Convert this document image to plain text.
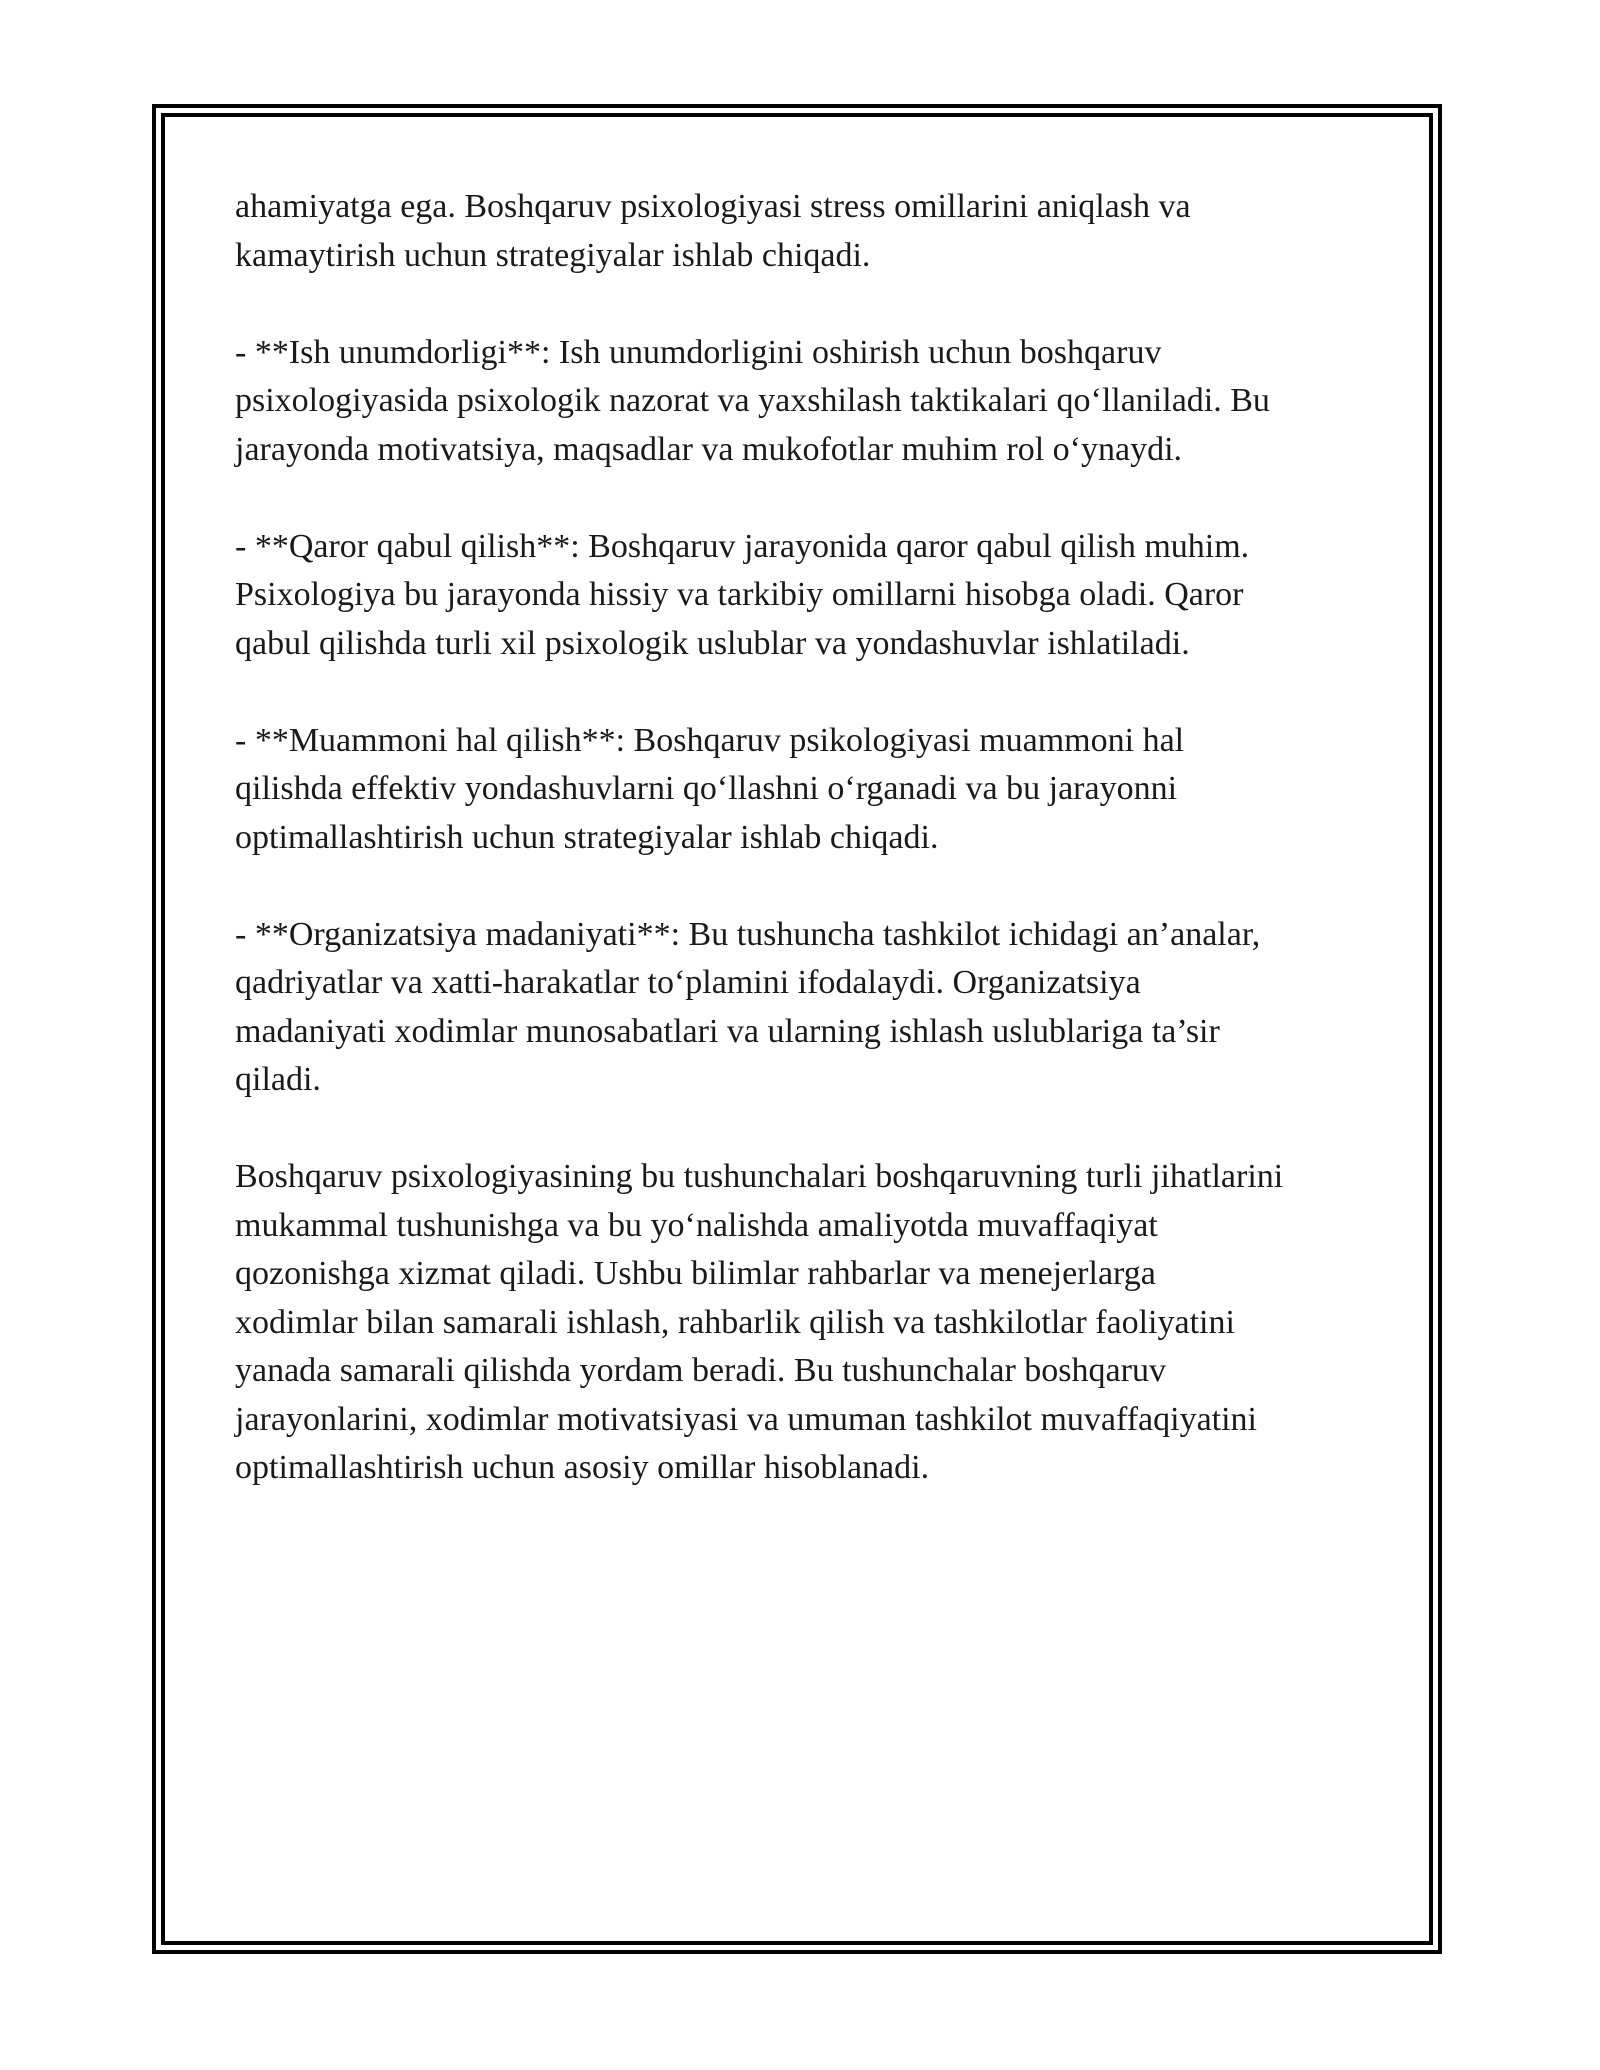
ahamiyatga ega. Boshqaruv psixologiyasi stress omillarini aniqlash va
kamaytirish uchun strategiyalar ishlab chiqadi.

- **Ish unumdorligi**: Ish unumdorligini oshirish uchun boshqaruv
psixologiyasida psixologik nazorat va yaxshilash taktikalari qo‘llaniladi. Bu
jarayonda motivatsiya, maqsadlar va mukofotlar muhim rol o‘ynaydi.

- **Qaror qabul qilish**: Boshqaruv jarayonida qaror qabul qilish muhim.
Psixologiya bu jarayonda hissiy va tarkibiy omillarni hisobga oladi. Qaror
qabul qilishda turli xil psixologik uslublar va yondashuvlar ishlatiladi.

- **Muammoni hal qilish**: Boshqaruv psikologiyasi muammoni hal
qilishda effektiv yondashuvlarni qo‘llashni o‘rganadi va bu jarayonni
optimallashtirish uchun strategiyalar ishlab chiqadi.

- **Organizatsiya madaniyati**: Bu tushuncha tashkilot ichidagi an’analar,
qadriyatlar va xatti-harakatlar to‘plamini ifodalaydi. Organizatsiya
madaniyati xodimlar munosabatlari va ularning ishlash uslublariga ta’sir
qiladi.

Boshqaruv psixologiyasining bu tushunchalari boshqaruvning turli jihatlarini
mukammal tushunishga va bu yo‘nalishda amaliyotda muvaffaqiyat
qozonishga xizmat qiladi. Ushbu bilimlar rahbarlar va menejerlarga
xodimlar bilan samarali ishlash, rahbarlik qilish va tashkilotlar faoliyatini
yanada samarali qilishda yordam beradi. Bu tushunchalar boshqaruv
jarayonlarini, xodimlar motivatsiyasi va umuman tashkilot muvaffaqiyatini
optimallashtirish uchun asosiy omillar hisoblanadi.
